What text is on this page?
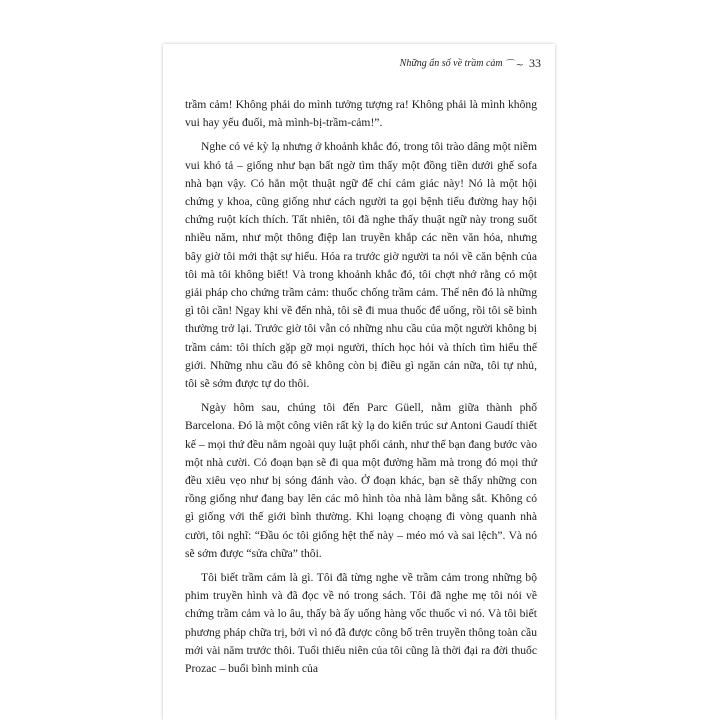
Những ẩn số về trầm cảm ⌒~ 33

trầm cảm! Không phải do mình tưởng tượng ra! Không phải là mình không vui hay yếu đuối, mà mình-bị-trầm-cảm!”.

Nghe có vẻ kỳ lạ nhưng ở khoảnh khắc đó, trong tôi trào dâng một niềm vui khó tả – giống như bạn bất ngờ tìm thấy một đồng tiền dưới ghế sofa nhà bạn vậy. Có hẳn một thuật ngữ để chỉ cảm giác này! Nó là một hội chứng y khoa, cũng giống như cách người ta gọi bệnh tiểu đường hay hội chứng ruột kích thích. Tất nhiên, tôi đã nghe thấy thuật ngữ này trong suốt nhiều năm, như một thông điệp lan truyền khắp các nền văn hóa, nhưng bây giờ tôi mới thật sự hiểu. Hóa ra trước giờ người ta nói về căn bệnh của tôi mà tôi không biết! Và trong khoảnh khắc đó, tôi chợt nhớ rằng có một giải pháp cho chứng trầm cảm: thuốc chống trầm cảm. Thế nên đó là những gì tôi cần! Ngay khi về đến nhà, tôi sẽ đi mua thuốc để uống, rồi tôi sẽ bình thường trở lại. Trước giờ tôi vẫn có những nhu cầu của một người không bị trầm cảm: tôi thích gặp gỡ mọi người, thích học hỏi và thích tìm hiểu thế giới. Những nhu cầu đó sẽ không còn bị điều gì ngăn cản nữa, tôi tự nhủ, tôi sẽ sớm được tự do thôi.

Ngày hôm sau, chúng tôi đến Parc Güell, nằm giữa thành phố Barcelona. Đó là một công viên rất kỳ lạ do kiến trúc sư Antoni Gaudí thiết kế – mọi thứ đều nằm ngoài quy luật phối cảnh, như thể bạn đang bước vào một nhà cười. Có đoạn bạn sẽ đi qua một đường hầm mà trong đó mọi thứ đều xiêu vẹo như bị sóng đánh vào. Ở đoạn khác, bạn sẽ thấy những con rồng giống như đang bay lên các mô hình tòa nhà làm bằng sắt. Không có gì giống với thế giới bình thường. Khi loạng choạng đi vòng quanh nhà cười, tôi nghĩ: “Đầu óc tôi giống hệt thế này – méo mó và sai lệch”. Và nó sẽ sớm được “sửa chữa” thôi.

Tôi biết trầm cảm là gì. Tôi đã từng nghe về trầm cảm trong những bộ phim truyền hình và đã đọc về nó trong sách. Tôi đã nghe mẹ tôi nói về chứng trầm cảm và lo âu, thấy bà ấy uống hàng vốc thuốc vì nó. Và tôi biết phương pháp chữa trị, bởi vì nó đã được công bố trên truyền thông toàn cầu mới vài năm trước thôi. Tuổi thiếu niên của tôi cũng là thời đại ra đời thuốc Prozac – buổi bình minh của
